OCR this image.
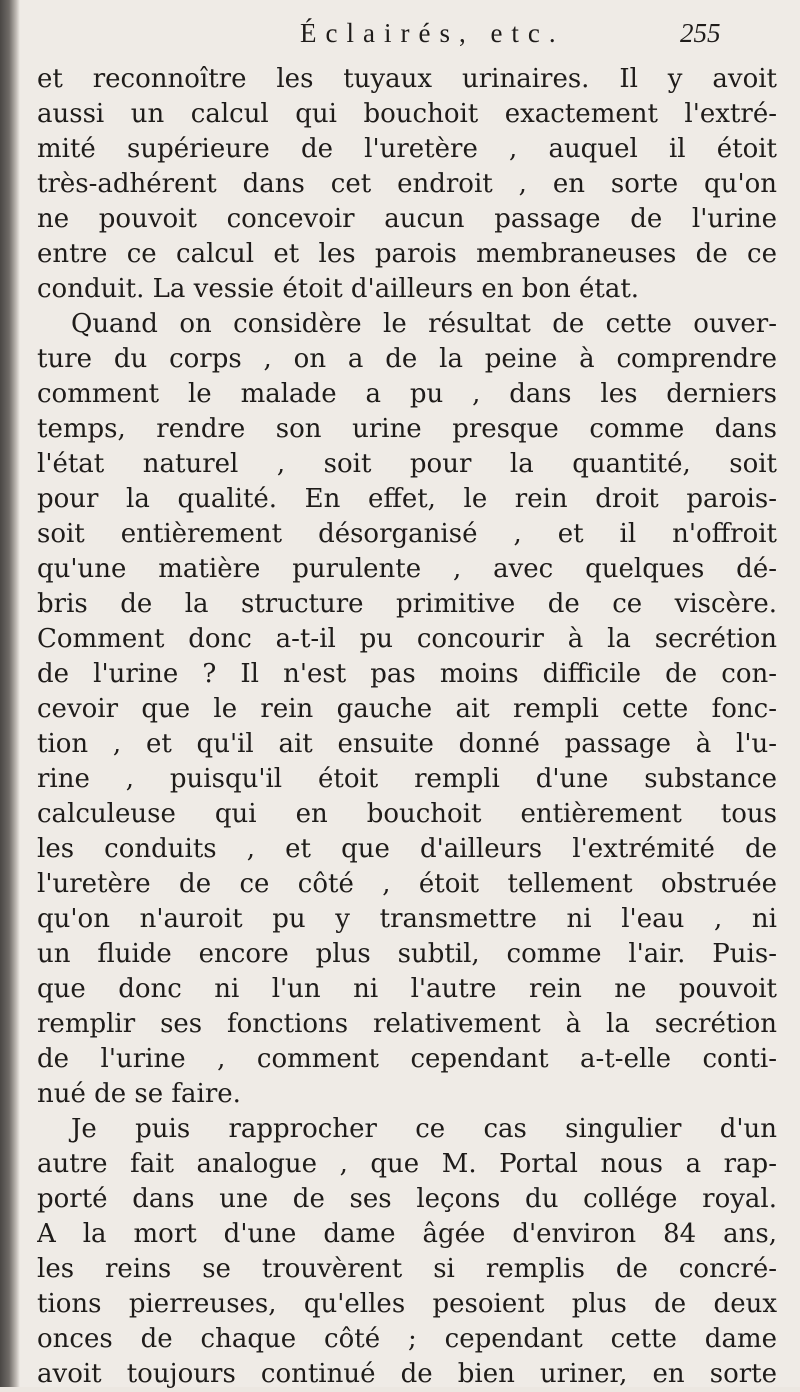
Éclairés, etc.	255
et reconnoître les tuyaux urinaires. Il y avoit
aussi un calcul qui bouchoit exactement l'extré-
mité supérieure de l'uretère , auquel il étoit
très-adhérent dans cet endroit , en sorte qu'on
ne pouvoit concevoir aucun passage de l'urine
entre ce calcul et les parois membraneuses de ce
conduit. La vessie étoit d'ailleurs en bon état.
Quand on considère le résultat de cette ouver-
ture du corps , on a de la peine à comprendre
comment le malade a pu , dans les derniers
temps, rendre son urine presque comme dans
l'état naturel , soit pour la quantité, soit
pour la qualité. En effet, le rein droit parois-
soit entièrement désorganisé , et il n'offroit
qu'une matière purulente , avec quelques dé-
bris de la structure primitive de ce viscère.
Comment donc a-t-il pu concourir à la secrétion
de l'urine ? Il n'est pas moins difficile de con-
cevoir que le rein gauche ait rempli cette fonc-
tion , et qu'il ait ensuite donné passage à l'u-
rine , puisqu'il étoit rempli d'une substance
calculeuse qui en bouchoit entièrement tous
les conduits , et que d'ailleurs l'extrémité de
l'uretère de ce côté , étoit tellement obstruée
qu'on n'auroit pu y transmettre ni l'eau , ni
un fluide encore plus subtil, comme l'air. Puis-
que donc ni l'un ni l'autre rein ne pouvoit
remplir ses fonctions relativement à la secrétion
de l'urine , comment cependant a-t-elle conti-
nué de se faire.
Je puis rapprocher ce cas singulier d'un
autre fait analogue , que M. Portal nous a rap-
porté dans une de ses leçons du collége royal.
A la mort d'une dame âgée d'environ 84 ans,
les reins se trouvèrent si remplis de concré-
tions pierreuses, qu'elles pesoient plus de deux
onces de chaque côté ; cependant cette dame
avoit toujours continué de bien uriner, en sorte
